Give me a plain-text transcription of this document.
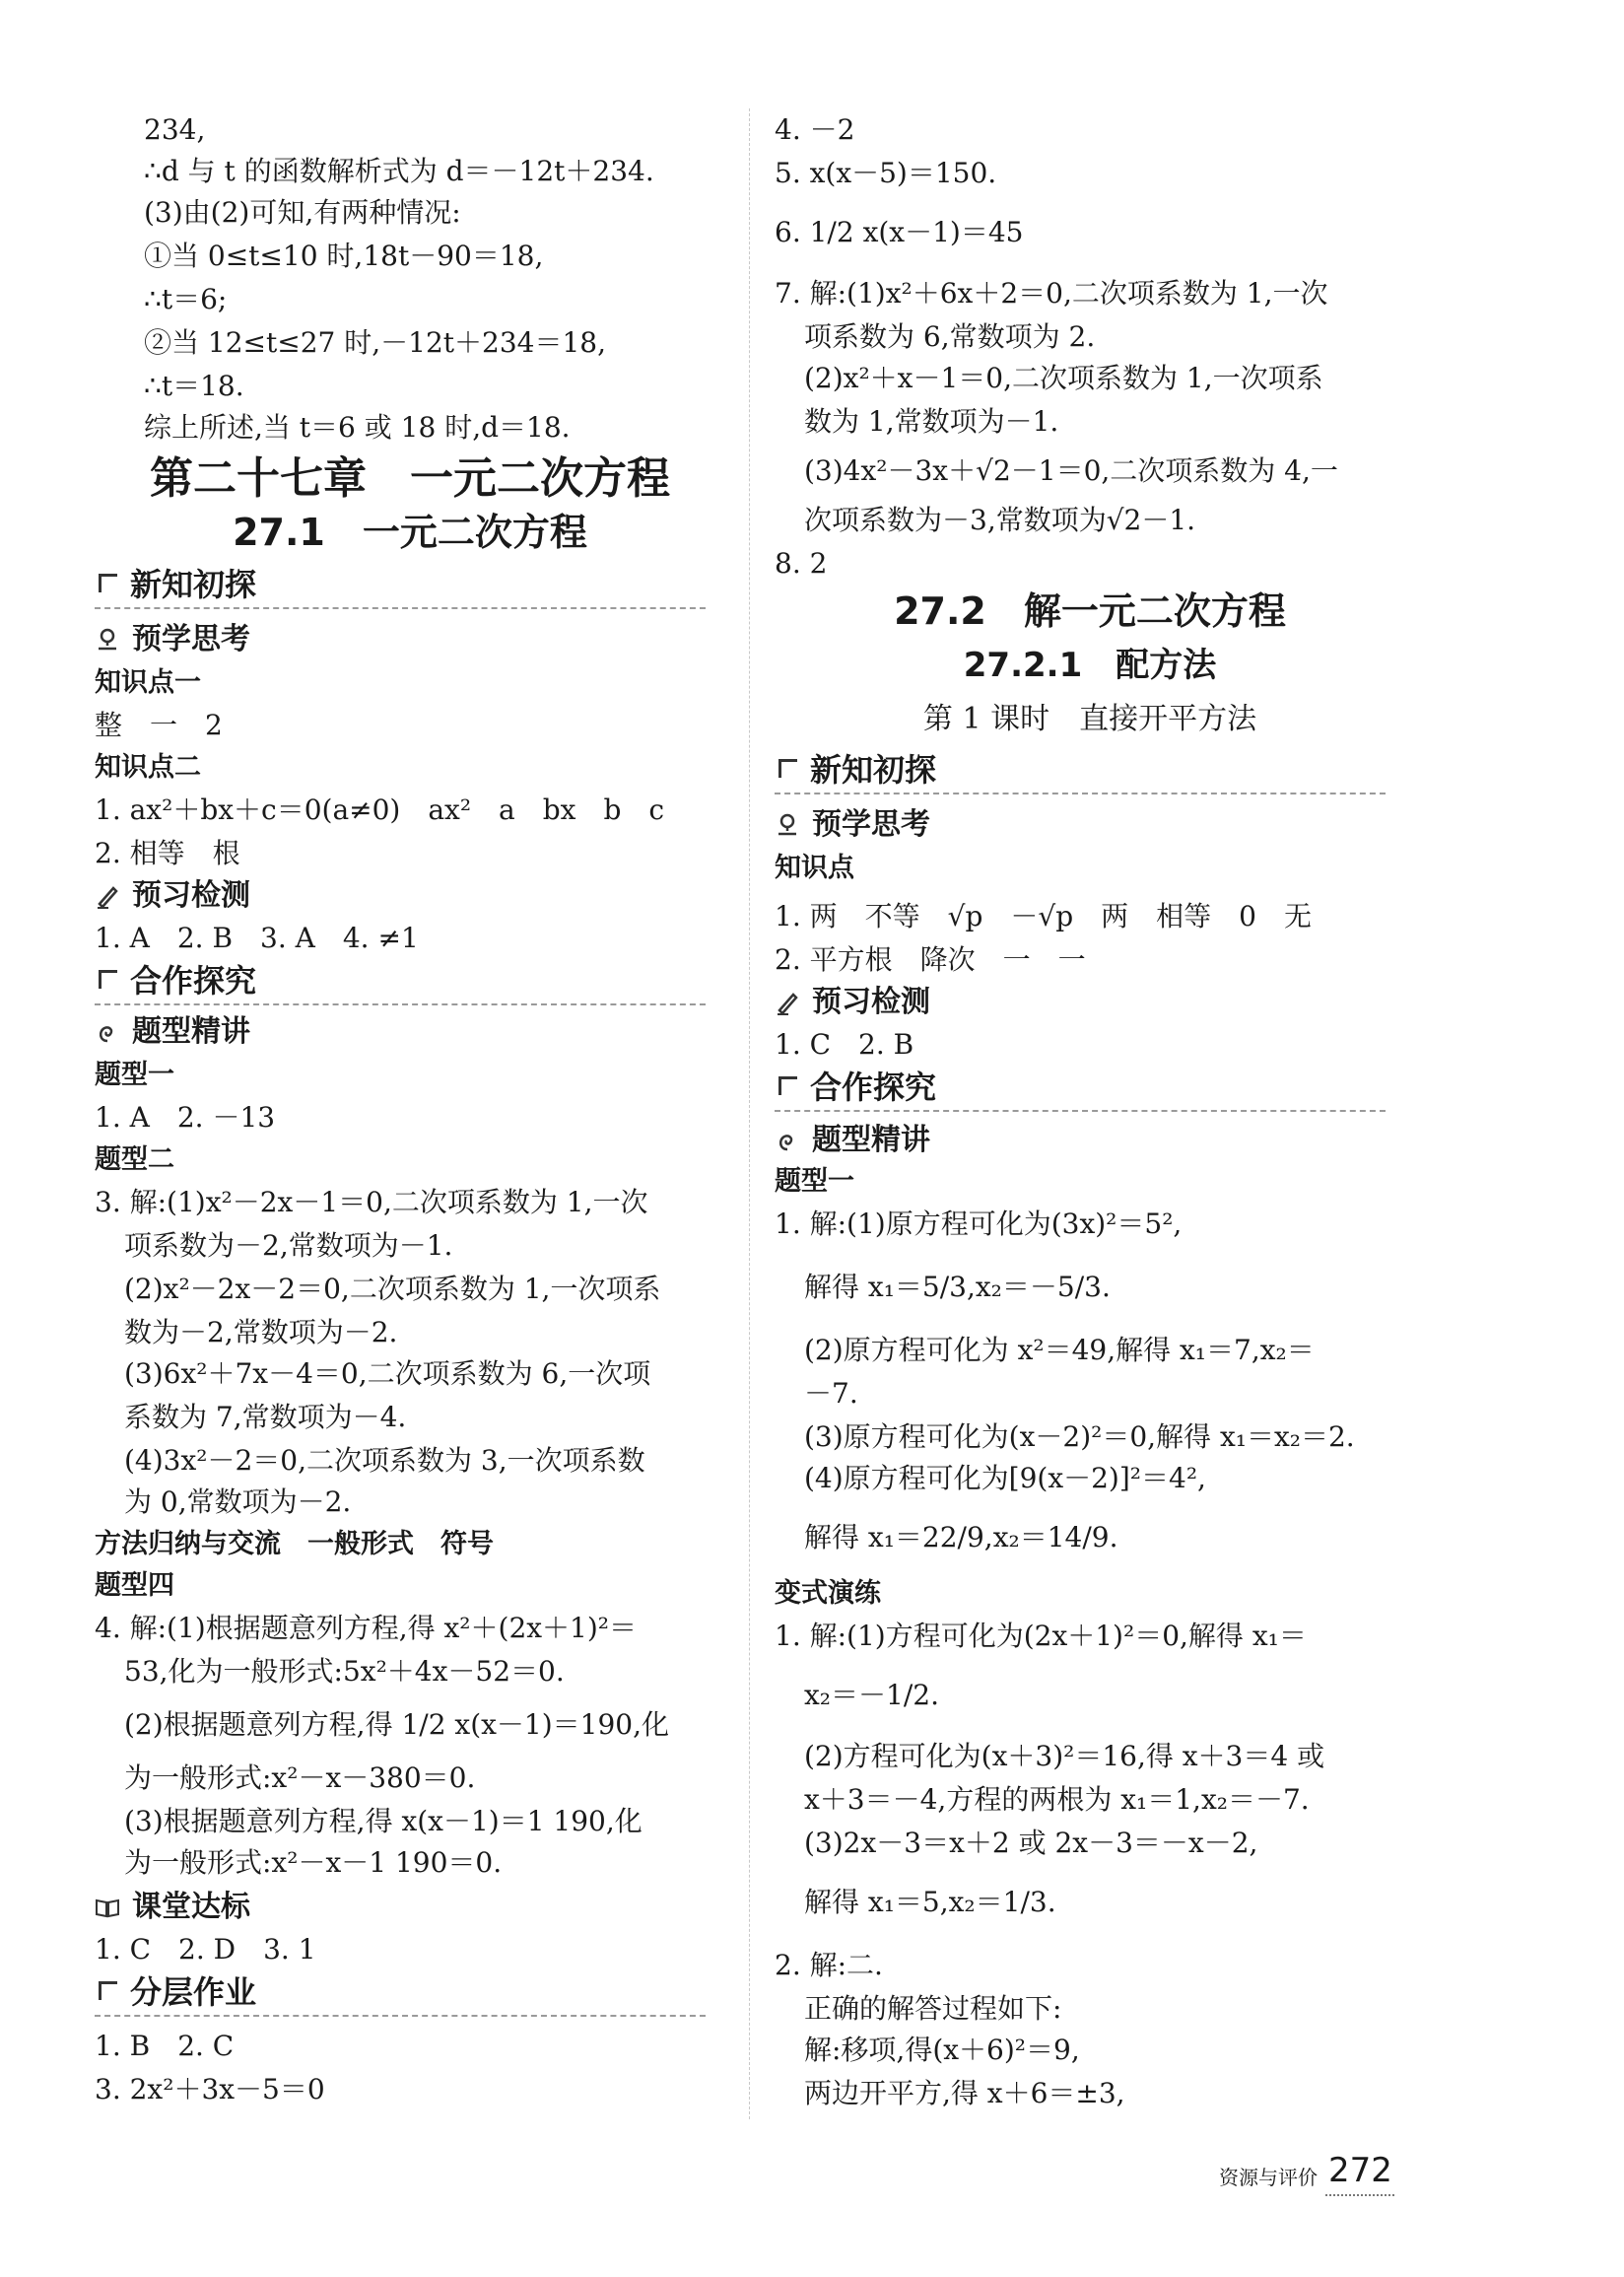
234,
∴d 与 t 的函数解析式为 d＝－12t＋234.
(3)由(2)可知,有两种情况:
①当 0≤t≤10 时,18t－90＝18,
∴t＝6;
②当 12≤t≤27 时,－12t＋234＝18,
∴t＝18.
综上所述,当 t＝6 或 18 时,d＝18.
第二十七章　一元二次方程
27.1　一元二次方程
新知初探
预学思考
知识点一
整　一　2
知识点二
1. ax²＋bx＋c＝0(a≠0)　ax²　a　bx　b　c
2. 相等　根
预习检测
1. A　2. B　3. A　4. ≠1
合作探究
题型精讲
题型一
1. A　2. －13
题型二
3. 解:(1)x²－2x－1＝0,二次项系数为 1,一次
项系数为－2,常数项为－1.
(2)x²－2x－2＝0,二次项系数为 1,一次项系
数为－2,常数项为－2.
(3)6x²＋7x－4＝0,二次项系数为 6,一次项
系数为 7,常数项为－4.
(4)3x²－2＝0,二次项系数为 3,一次项系数
为 0,常数项为－2.
方法归纳与交流　一般形式　符号
题型四
4. 解:(1)根据题意列方程,得 x²＋(2x＋1)²＝
53,化为一般形式:5x²＋4x－52＝0.
(2)根据题意列方程,得 1/2 x(x－1)＝190,化
为一般形式:x²－x－380＝0.
(3)根据题意列方程,得 x(x－1)＝1 190,化
为一般形式:x²－x－1 190＝0.
课堂达标
1. C　2. D　3. 1
分层作业
1. B　2. C
3. 2x²＋3x－5＝0
4. －2
5. x(x－5)＝150.
6. 1/2 x(x－1)＝45
7. 解:(1)x²＋6x＋2＝0,二次项系数为 1,一次
项系数为 6,常数项为 2.
(2)x²＋x－1＝0,二次项系数为 1,一次项系
数为 1,常数项为－1.
(3)4x²－3x＋√2－1＝0,二次项系数为 4,一
次项系数为－3,常数项为√2－1.
8. 2
27.2　解一元二次方程
27.2.1　配方法
第 1 课时　直接开平方法
新知初探
预学思考
知识点
1. 两　不等　√p　－√p　两　相等　0　无
2. 平方根　降次　一　一
预习检测
1. C　2. B
合作探究
题型精讲
题型一
1. 解:(1)原方程可化为(3x)²＝5²,
解得 x₁＝5/3,x₂＝－5/3.
(2)原方程可化为 x²＝49,解得 x₁＝7,x₂＝
－7.
(3)原方程可化为(x－2)²＝0,解得 x₁＝x₂＝2.
(4)原方程可化为[9(x－2)]²＝4²,
解得 x₁＝22/9,x₂＝14/9.
变式演练
1. 解:(1)方程可化为(2x＋1)²＝0,解得 x₁＝
x₂＝－1/2.
(2)方程可化为(x＋3)²＝16,得 x＋3＝4 或
x＋3＝－4,方程的两根为 x₁＝1,x₂＝－7.
(3)2x－3＝x＋2 或 2x－3＝－x－2,
解得 x₁＝5,x₂＝1/3.
2. 解:二.
正确的解答过程如下:
解:移项,得(x＋6)²＝9,
两边开平方,得 x＋6＝±3,
资源与评价 272
